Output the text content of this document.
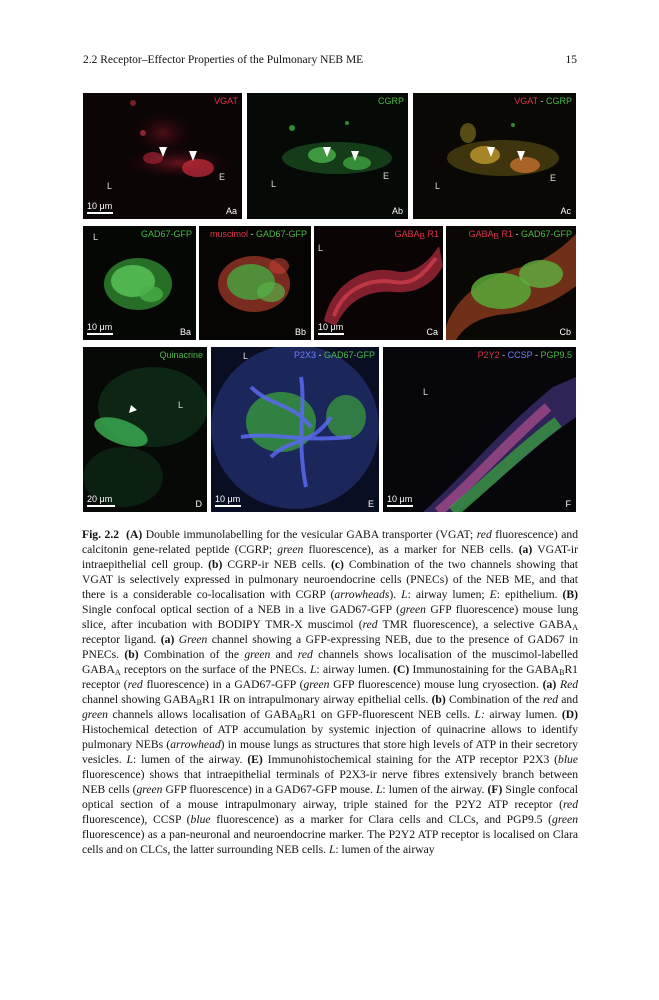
2.2 Receptor–Effector Properties of the Pulmonary NEB ME	15
VGAT
L
E
10 μm	Aa
CGRP
L
E
Ab
VGAT - CGRP
L
E
Ac
GAD67-GFP
L
10 μm	Ba
muscimol - GAD67-GFP
Bb
$GABA_B$ R1
L
10 μm	Ca
$GABA_B$ R1 - GAD67-GFP
Cb
Quinacrine
L
20 μm	D
P2X3 - GAD67-GFP
L
10 μm	E
P2Y2 - CCSP - PGP9.5
L
10 μm	F
Fig. 2.2 (A) Double immunolabelling for the vesicular GABA transporter (VGAT; red fluorescence) and calcitonin gene-related peptide (CGRP; green fluorescence), as a marker for NEB cells. (a) VGAT-ir intraepithelial cell group. (b) CGRP-ir NEB cells. (c) Combination of the two channels showing that VGAT is selectively expressed in pulmonary neuroendocrine cells (PNECs) of the NEB ME, and that there is a considerable co-localisation with CGRP (arrowheads). L: airway lumen; E: epithelium. (B) Single confocal optical section of a NEB in a live GAD67-GFP (green GFP fluorescence) mouse lung slice, after incubation with BODIPY TMR-X muscimol (red TMR fluorescence), a selective $GABA_A$ receptor ligand. (a) Green channel showing a GFP-expressing NEB, due to the presence of GAD67 in PNECs. (b) Combination of the green and red channels shows localisation of the muscimol-labelled $GABA_A$ receptors on the surface of the PNECs. L: airway lumen. (C) Immunostaining for the $GABA_BR1$ receptor (red fluorescence) in a GAD67-GFP (green GFP fluorescence) mouse lung cryosection. (a) Red channel showing $GABA_BR1$ IR on intrapulmonary airway epithelial cells. (b) Combination of the red and green channels allows localisation of $GABA_BR1$ on GFP-fluorescent NEB cells. L: airway lumen. (D) Histochemical detection of ATP accumulation by systemic injection of quinacrine allows to identify pulmonary NEBs (arrowhead) in mouse lungs as structures that store high levels of ATP in their secretory vesicles. L: lumen of the airway. (E) Immunohistochemical staining for the ATP receptor P2X3 (blue fluorescence) shows that intraepithelial terminals of P2X3-ir nerve fibres extensively branch between NEB cells (green GFP fluorescence) in a GAD67-GFP mouse. L: lumen of the airway. (F) Single confocal optical section of a mouse intrapulmonary airway, triple stained for the P2Y2 ATP receptor (red fluorescence), CCSP (blue fluorescence) as a marker for Clara cells and CLCs, and PGP9.5 (green fluorescence) as a pan-neuronal and neuroendocrine marker. The P2Y2 ATP receptor is localised on Clara cells and on CLCs, the latter surrounding NEB cells. L: lumen of the airway
